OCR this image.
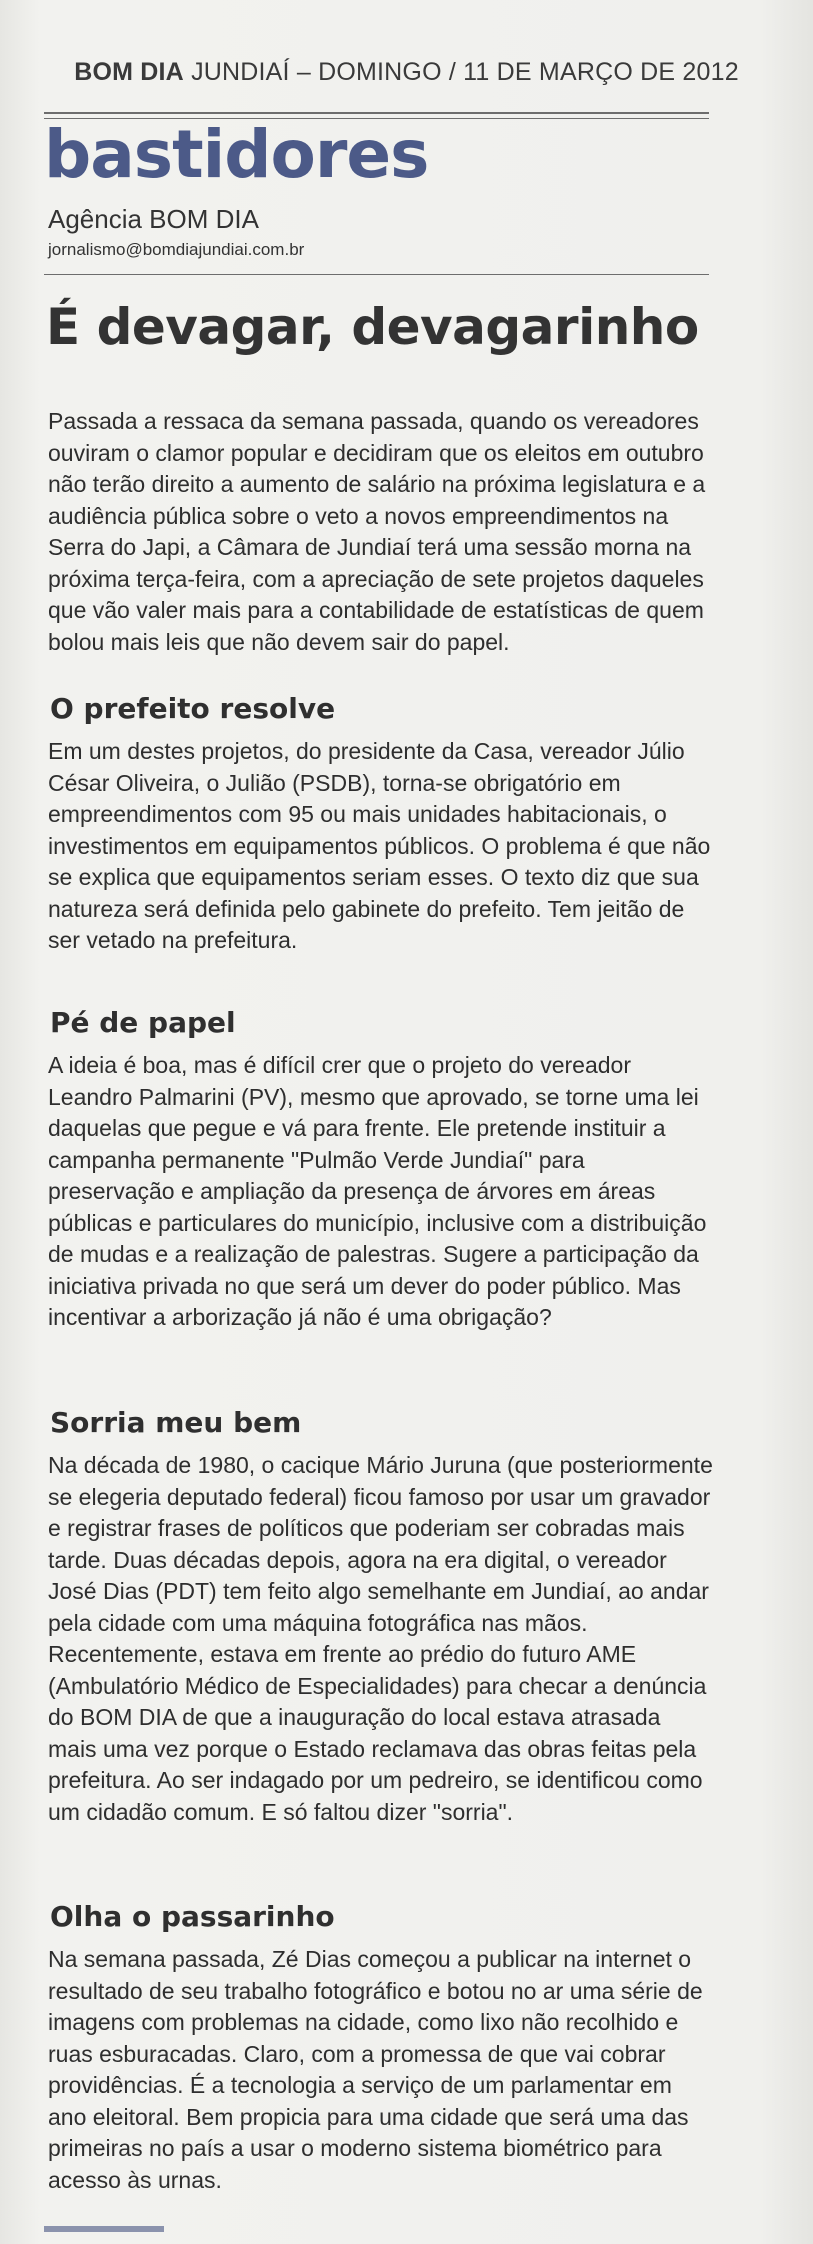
BOM DIA JUNDIAÍ – DOMINGO / 11 DE MARÇO DE 2012
bastidores
Agência BOM DIA
jornalismo@bomdiajundiai.com.br
É devagar, devagarinho
Passada a ressaca da semana passada, quando os vereadores ouviram o clamor popular e decidiram que os eleitos em outubro não terão direito a aumento de salário na próxima legislatura e a audiência pública sobre o veto a novos empreendimentos na Serra do Japi, a Câmara de Jundiaí terá uma sessão morna na próxima terça-feira, com a apreciação de sete projetos daqueles que vão valer mais para a contabilidade de estatísticas de quem bolou mais leis que não devem sair do papel.
O prefeito resolve
Em um destes projetos, do presidente da Casa, vereador Júlio César Oliveira, o Julião (PSDB), torna-se obrigatório em empreendimentos com 95 ou mais unidades habitacionais, o investimentos em equipamentos públicos. O problema é que não se explica que equipamentos seriam esses. O texto diz que sua natureza será definida pelo gabinete do prefeito. Tem jeitão de ser vetado na prefeitura.
Pé de papel
A ideia é boa, mas é difícil crer que o projeto do vereador Leandro Palmarini (PV), mesmo que aprovado, se torne uma lei daquelas que pegue e vá para frente. Ele pretende instituir a campanha permanente "Pulmão Verde Jundiaí" para preservação e ampliação da presença de árvores em áreas públicas e particulares do município, inclusive com a distribuição de mudas e a realização de palestras. Sugere a participação da iniciativa privada no que será um dever do poder público. Mas incentivar a arborização já não é uma obrigação?
Sorria meu bem
Na década de 1980, o cacique Mário Juruna (que posteriormente se elegeria deputado federal) ficou famoso por usar um gravador e registrar frases de políticos que poderiam ser cobradas mais tarde. Duas décadas depois, agora na era digital, o vereador José Dias (PDT) tem feito algo semelhante em Jundiaí, ao andar pela cidade com uma máquina fotográfica nas mãos. Recentemente, estava em frente ao prédio do futuro AME (Ambulatório Médico de Especialidades) para checar a denúncia do BOM DIA de que a inauguração do local estava atrasada mais uma vez porque o Estado reclamava das obras feitas pela prefeitura. Ao ser indagado por um pedreiro, se identificou como um cidadão comum. E só faltou dizer "sorria".
Olha o passarinho
Na semana passada, Zé Dias começou a publicar na internet o resultado de seu trabalho fotográfico e botou no ar uma série de imagens com problemas na cidade, como lixo não recolhido e ruas esburacadas. Claro, com a promessa de que vai cobrar providências. É a tecnologia a serviço de um parlamentar em ano eleitoral. Bem propicia para uma cidade que será uma das primeiras no país a usar o moderno sistema biométrico para acesso às urnas.
